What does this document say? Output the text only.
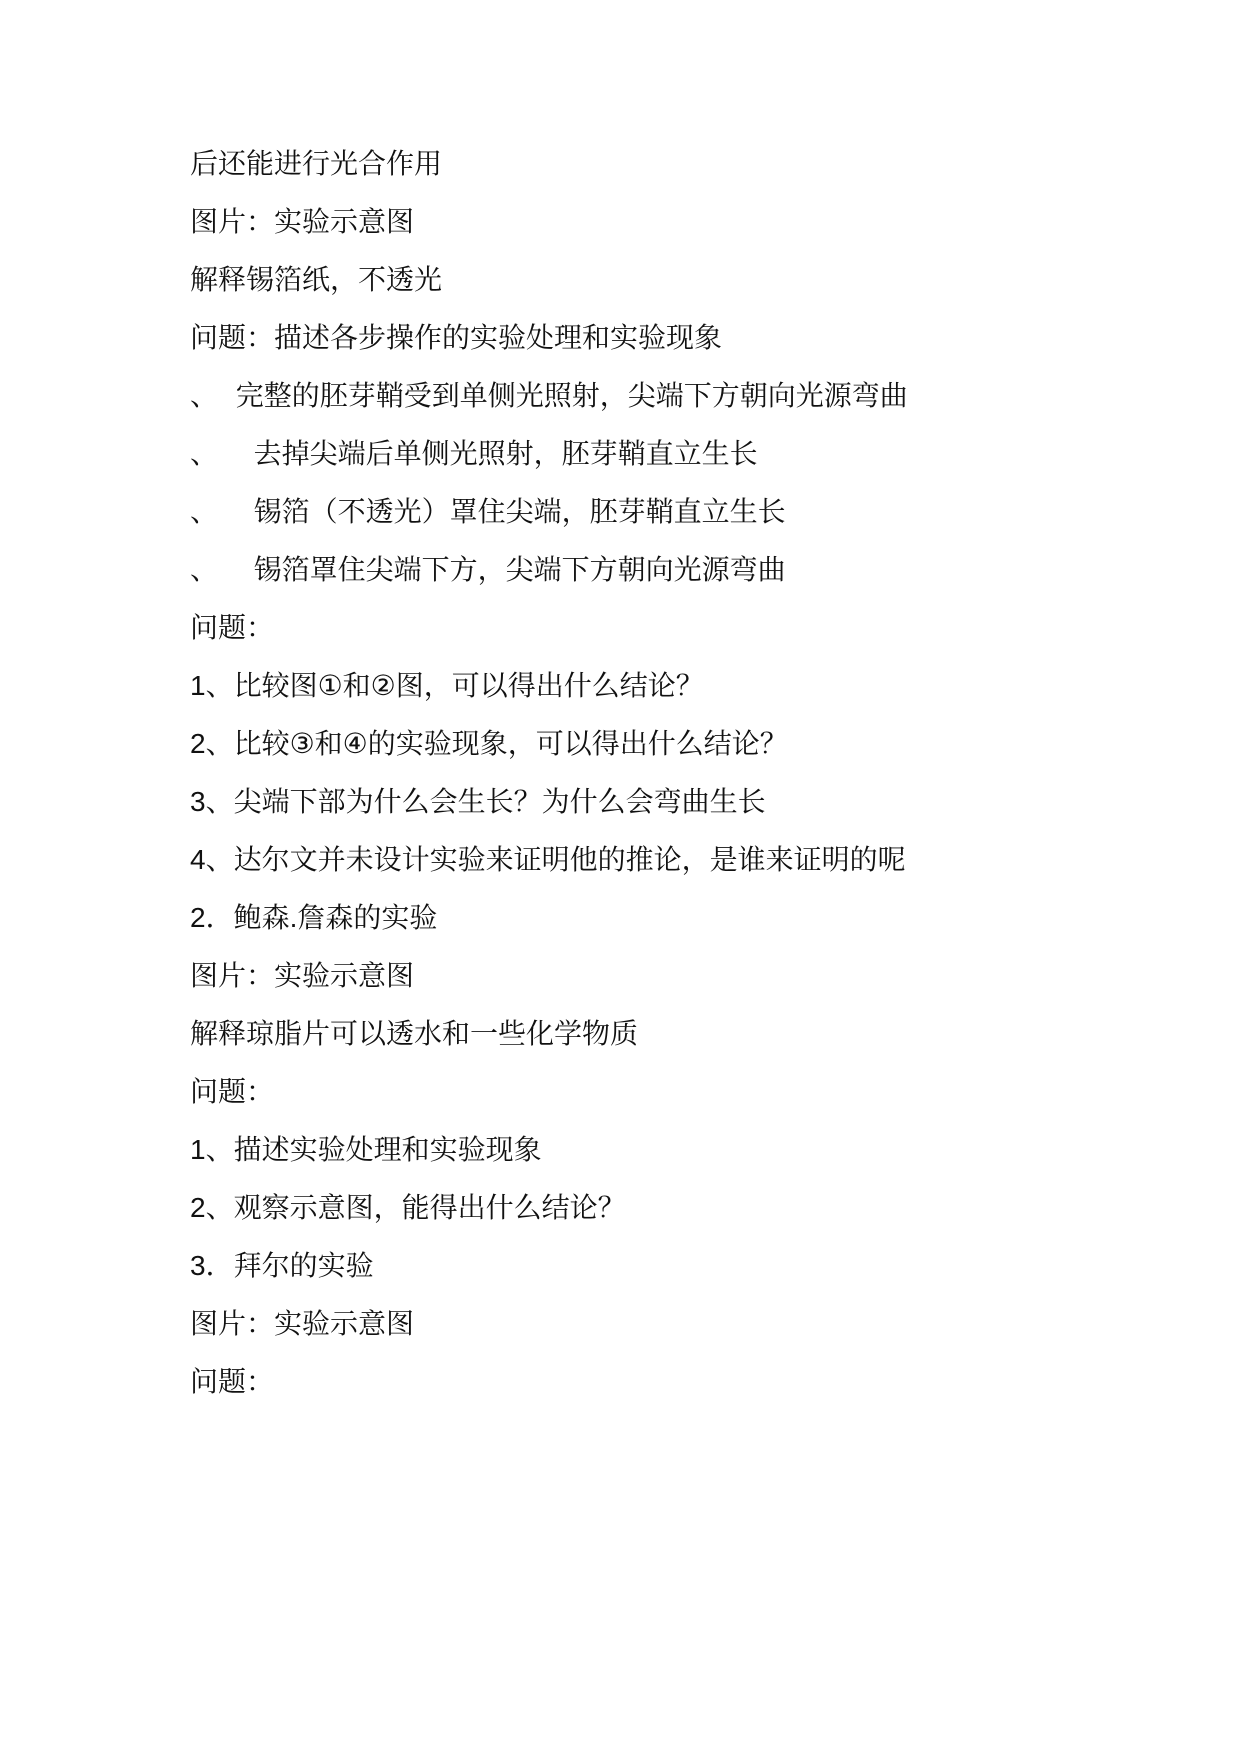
后还能进行光合作用
图片：实验示意图
解释锡箔纸，不透光
问题：描述各步操作的实验处理和实验现象
、  完整的胚芽鞘受到单侧光照射，尖端下方朝向光源弯曲
、    去掉尖端后单侧光照射，胚芽鞘直立生长
、    锡箔（不透光）罩住尖端，胚芽鞘直立生长
、    锡箔罩住尖端下方，尖端下方朝向光源弯曲
问题：
1、比较图①和②图，可以得出什么结论？
2、比较③和④的实验现象，可以得出什么结论？
3、尖端下部为什么会生长？为什么会弯曲生长
4、达尔文并未设计实验来证明他的推论，是谁来证明的呢
2．鲍森.詹森的实验
图片：实验示意图
解释琼脂片可以透水和一些化学物质
问题：
1、描述实验处理和实验现象
2、观察示意图，能得出什么结论？
3．拜尔的实验
图片：实验示意图
问题：
